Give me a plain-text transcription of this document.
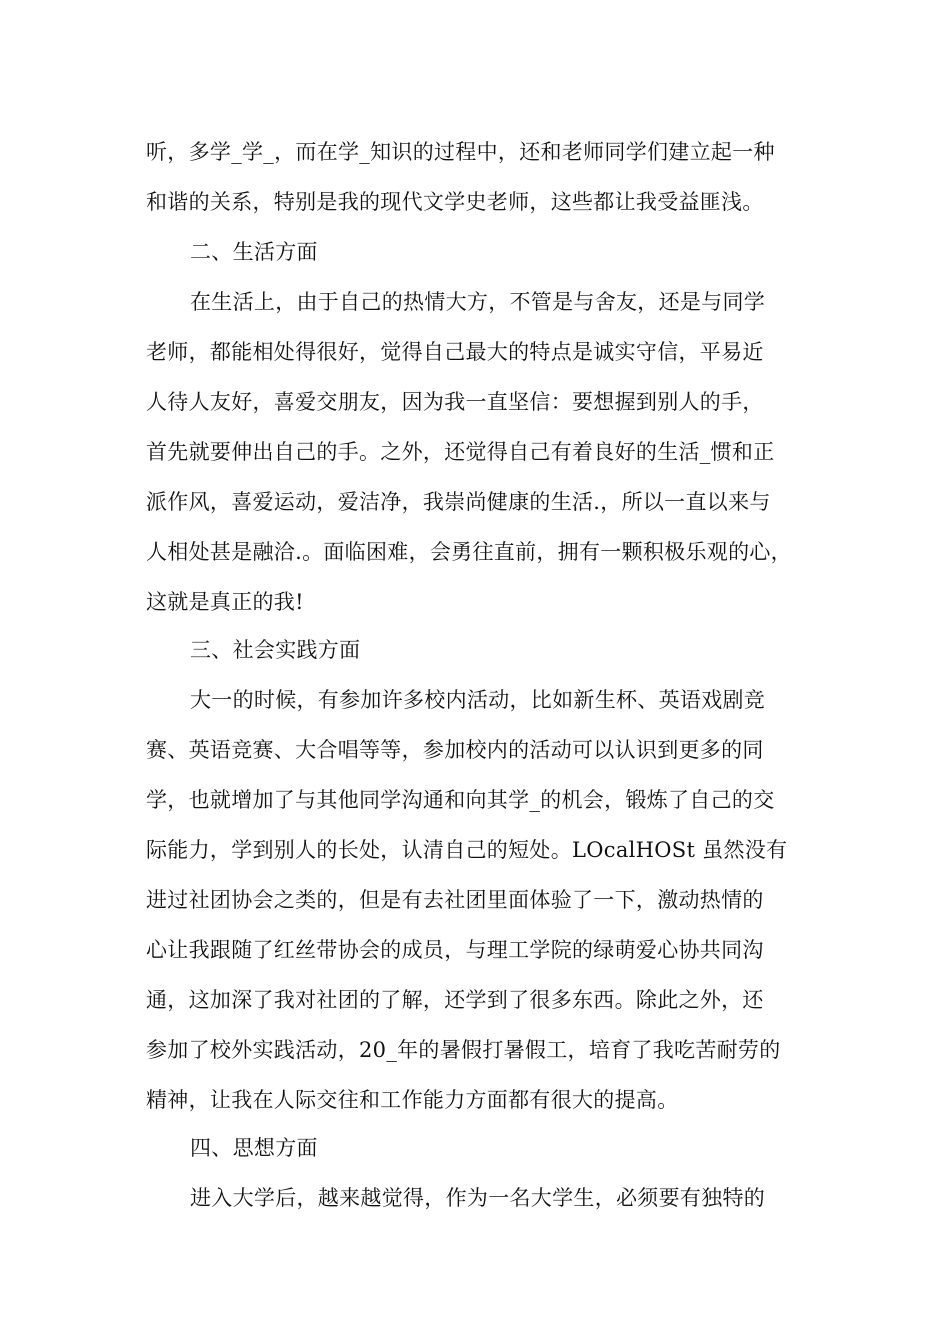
听，多学_学_，而在学_知识的过程中，还和老师同学们建立起一种
和谐的关系，特别是我的现代文学史老师，这些都让我受益匪浅。
二、生活方面
在生活上，由于自己的热情大方，不管是与舍友，还是与同学
老师，都能相处得很好，觉得自己最大的特点是诚实守信，平易近
人待人友好，喜爱交朋友，因为我一直坚信：要想握到别人的手，
首先就要伸出自己的手。之外，还觉得自己有着良好的生活_惯和正
派作风，喜爱运动，爱洁净，我崇尚健康的生活.，所以一直以来与
人相处甚是融洽.。面临困难，会勇往直前，拥有一颗积极乐观的心，
这就是真正的我!
三、社会实践方面
大一的时候，有参加许多校内活动，比如新生杯、英语戏剧竞
赛、英语竞赛、大合唱等等，参加校内的活动可以认识到更多的同
学，也就增加了与其他同学沟通和向其学_的机会，锻炼了自己的交
际能力，学到别人的长处，认清自己的短处。LOcalHOSt 虽然没有
进过社团协会之类的，但是有去社团里面体验了一下，激动热情的
心让我跟随了红丝带协会的成员，与理工学院的绿萌爱心协共同沟
通，这加深了我对社团的了解，还学到了很多东西。除此之外，还
参加了校外实践活动，20_年的暑假打暑假工，培育了我吃苦耐劳的
精神，让我在人际交往和工作能力方面都有很大的提高。
四、思想方面
进入大学后，越来越觉得，作为一名大学生，必须要有独特的
